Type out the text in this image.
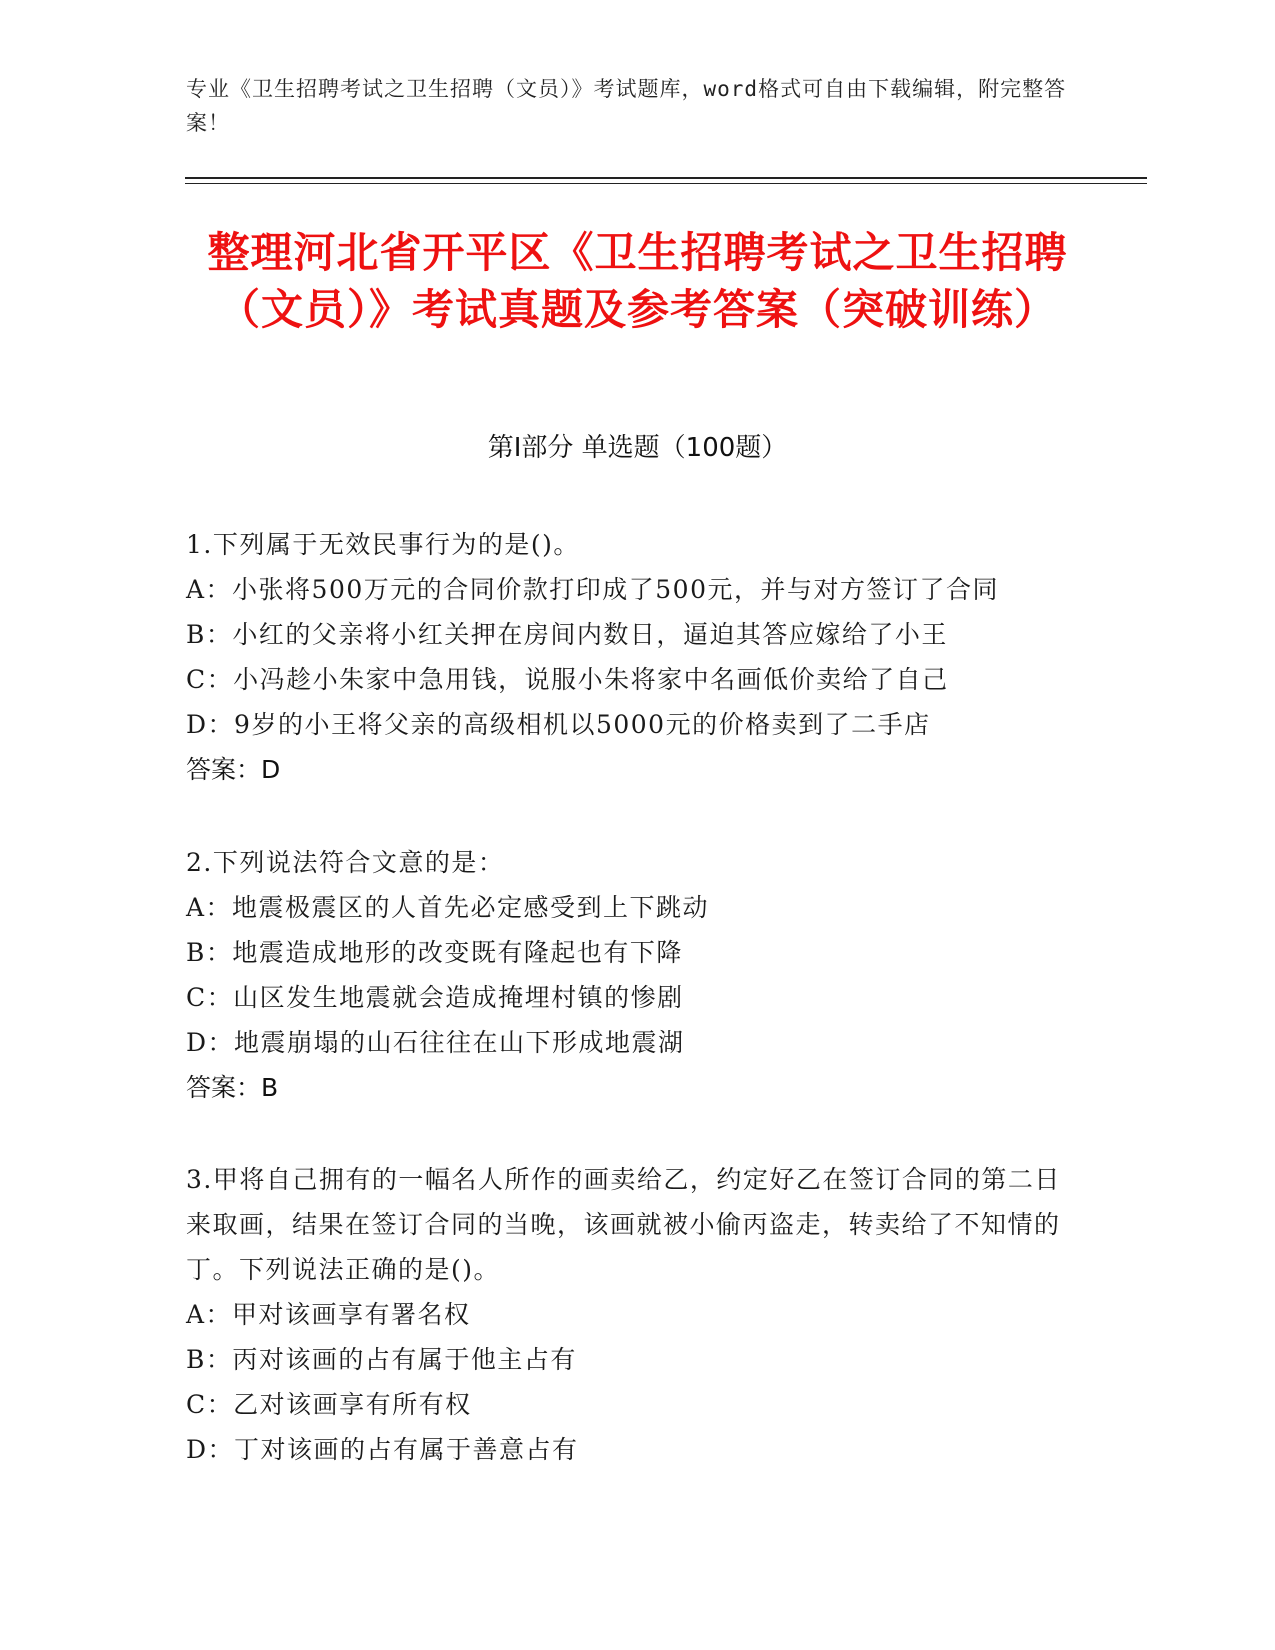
专业《卫生招聘考试之卫生招聘（文员）》考试题库，word格式可自由下载编辑，附完整答案！
整理河北省开平区《卫生招聘考试之卫生招聘（文员）》考试真题及参考答案（突破训练）
第Ⅰ部分 单选题（100题）
1.下列属于无效民事行为的是()。
A：小张将500万元的合同价款打印成了500元，并与对方签订了合同
B：小红的父亲将小红关押在房间内数日，逼迫其答应嫁给了小王
C：小冯趁小朱家中急用钱，说服小朱将家中名画低价卖给了自己
D：9岁的小王将父亲的高级相机以5000元的价格卖到了二手店
答案：D
2.下列说法符合文意的是：
A：地震极震区的人首先必定感受到上下跳动
B：地震造成地形的改变既有隆起也有下降
C：山区发生地震就会造成掩埋村镇的惨剧
D：地震崩塌的山石往往在山下形成地震湖
答案：B
3.甲将自己拥有的一幅名人所作的画卖给乙，约定好乙在签订合同的第二日来取画，结果在签订合同的当晚，该画就被小偷丙盗走，转卖给了不知情的丁。下列说法正确的是()。
A：甲对该画享有署名权
B：丙对该画的占有属于他主占有
C：乙对该画享有所有权
D：丁对该画的占有属于善意占有
